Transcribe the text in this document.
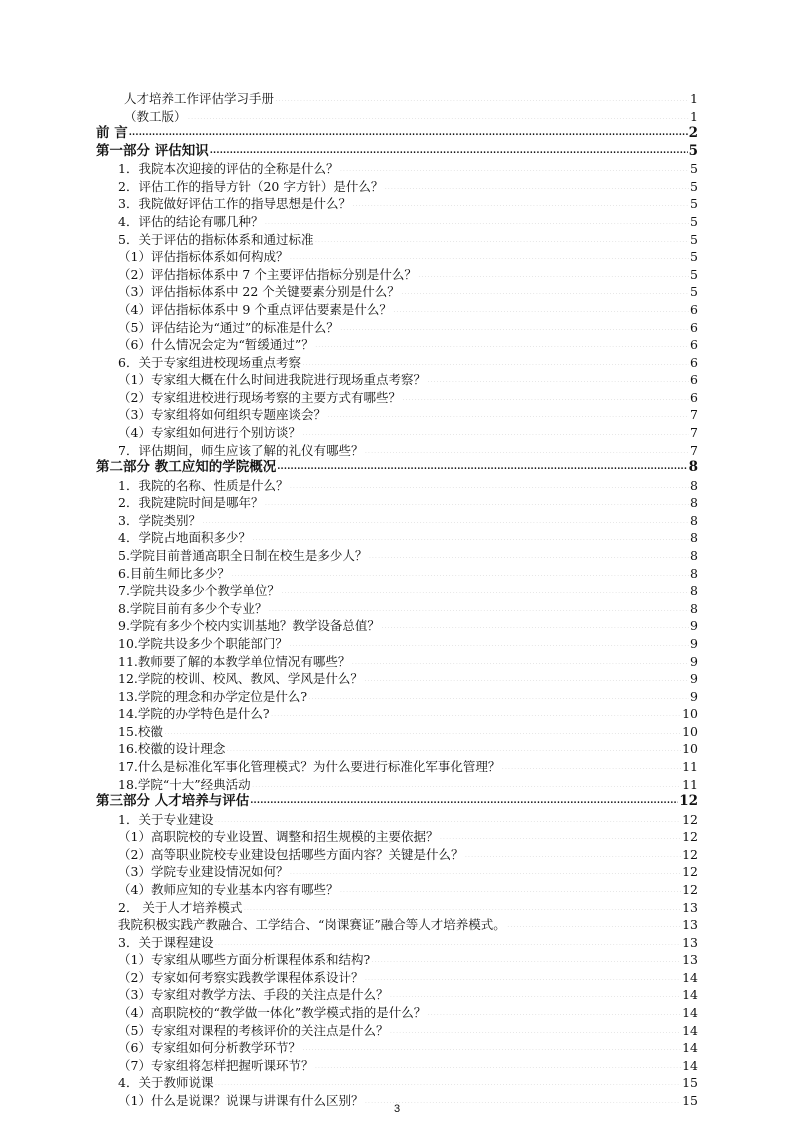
人才培养工作评估学习手册 .....	1
（教工版） .....	1
前 言 .....	2
第一部分 评估知识 .....	5
1．我院本次迎接的评估的全称是什么？ .....	5
2．评估工作的指导方针（20 字方针）是什么？ .....	5
3．我院做好评估工作的指导思想是什么？ .....	5
4．评估的结论有哪几种？ .....	5
5．关于评估的指标体系和通过标准 .....	5
（1）评估指标体系如何构成？ .....	5
（2）评估指标体系中 7 个主要评估指标分别是什么？ .....	5
（3）评估指标体系中 22 个关键要素分别是什么？ .....	5
（4）评估指标体系中 9 个重点评估要素是什么？ .....	6
（5）评估结论为“通过”的标准是什么？ .....	6
（6）什么情况会定为“暂缓通过”？ .....	6
6．关于专家组进校现场重点考察 .....	6
（1）专家组大概在什么时间进我院进行现场重点考察？ .....	6
（2）专家组进校进行现场考察的主要方式有哪些？ .....	6
（3）专家组将如何组织专题座谈会？ .....	7
（4）专家组如何进行个别访谈？ .....	7
7．评估期间，师生应该了解的礼仪有哪些？ .....	7
第二部分 教工应知的学院概况 .....	8
1．我院的名称、性质是什么？ .....	8
2．我院建院时间是哪年？ .....	8
3．学院类别？ .....	8
4．学院占地面积多少？ .....	8
5.学院目前普通高职全日制在校生是多少人？ .....	8
6.目前生师比多少？ .....	8
7.学院共设多少个教学单位？ .....	8
8.学院目前有多少个专业？ .....	8
9.学院有多少个校内实训基地？教学设备总值？ .....	9
10.学院共设多少个职能部门？ .....	9
11.教师要了解的本教学单位情况有哪些？ .....	9
12.学院的校训、校风、教风、学风是什么？ .....	9
13.学院的理念和办学定位是什么? .....	9
14.学院的办学特色是什么? .....	10
15.校徽 .....	10
16.校徽的设计理念 .....	10
17.什么是标准化军事化管理模式？为什么要进行标准化军事化管理？ .....	11
18.学院“十大”经典活动 .....	11
第三部分 人才培养与评估 .....	12
1．关于专业建设 .....	12
（1）高职院校的专业设置、调整和招生规模的主要依据？ .....	12
（2）高等职业院校专业建设包括哪些方面内容？关键是什么？ .....	12
（3）学院专业建设情况如何？ .....	12
（4）教师应知的专业基本内容有哪些？ .....	12
2． 关于人才培养模式 .....	13
我院积极实践产教融合、工学结合、“岗课赛证”融合等人才培养模式。 .....	13
3．关于课程建设 .....	13
（1）专家组从哪些方面分析课程体系和结构? .....	13
（2）专家如何考察实践教学课程体系设计？ .....	14
（3）专家组对教学方法、手段的关注点是什么？ .....	14
（4）高职院校的“教学做一体化”教学模式指的是什么？ .....	14
（5）专家组对课程的考核评价的关注点是什么？ .....	14
（6）专家组如何分析教学环节？ .....	14
（7）专家组将怎样把握听课环节？ .....	14
4．关于教师说课 .....	15
（1）什么是说课？说课与讲课有什么区别？ .....	15
3
